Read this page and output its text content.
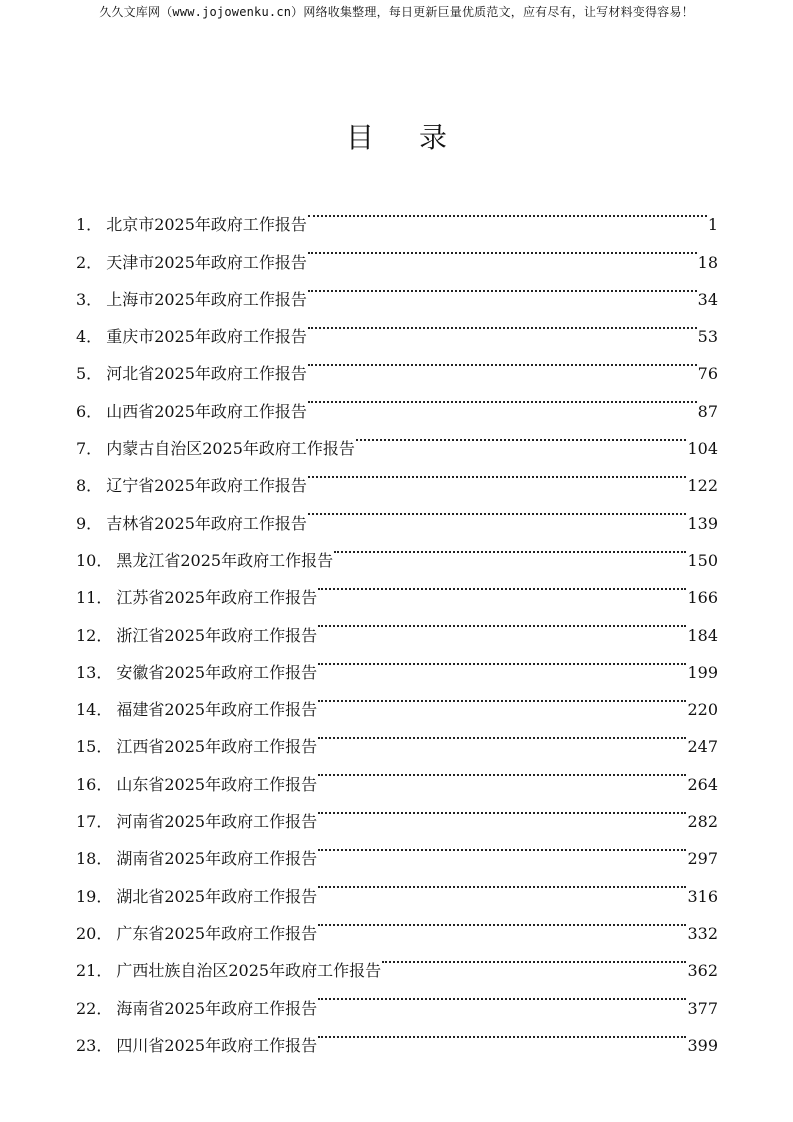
久久文库网（www.jojowenku.cn）网络收集整理，每日更新巨量优质范文，应有尽有，让写材料变得容易！
目 录
1． 北京市2025年政府工作报告	1
2． 天津市2025年政府工作报告	18
3． 上海市2025年政府工作报告	34
4． 重庆市2025年政府工作报告	53
5． 河北省2025年政府工作报告	76
6． 山西省2025年政府工作报告	87
7． 内蒙古自治区2025年政府工作报告	104
8． 辽宁省2025年政府工作报告	122
9． 吉林省2025年政府工作报告	139
10． 黑龙江省2025年政府工作报告	150
11． 江苏省2025年政府工作报告	166
12． 浙江省2025年政府工作报告	184
13． 安徽省2025年政府工作报告	199
14． 福建省2025年政府工作报告	220
15． 江西省2025年政府工作报告	247
16． 山东省2025年政府工作报告	264
17． 河南省2025年政府工作报告	282
18． 湖南省2025年政府工作报告	297
19． 湖北省2025年政府工作报告	316
20． 广东省2025年政府工作报告	332
21． 广西壮族自治区2025年政府工作报告	362
22． 海南省2025年政府工作报告	377
23． 四川省2025年政府工作报告	399
